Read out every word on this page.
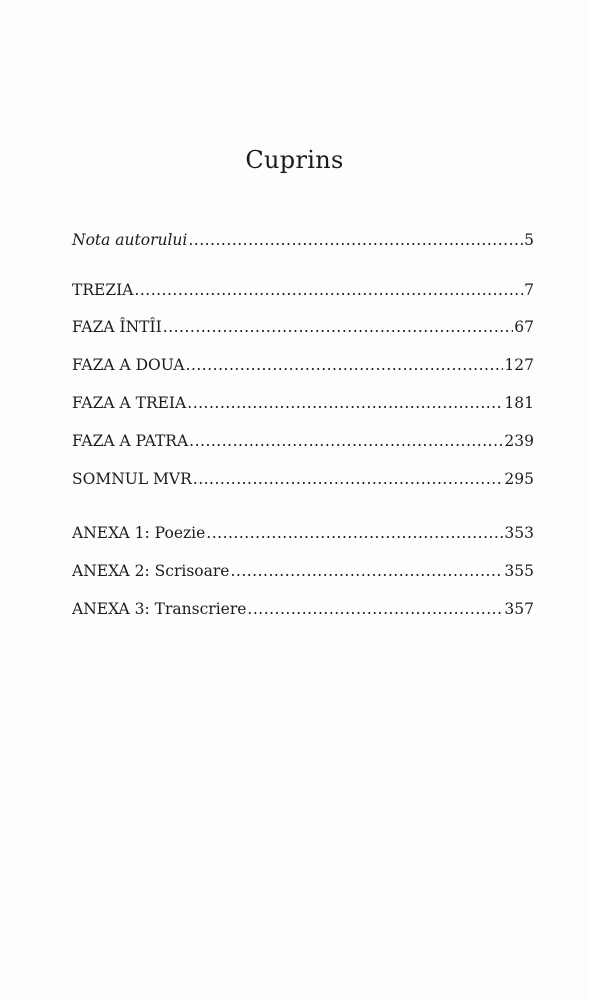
Cuprins
Nota autorului .....	5
TREZIA .....	7
FAZA ÎNTÎI .....	67
FAZA A DOUA .....	127
FAZA A TREIA .....	181
FAZA A PATRA .....	239
SOMNUL MVR .....	295
ANEXA 1: Poezie .....	353
ANEXA 2: Scrisoare .....	355
ANEXA 3: Transcriere .....	357
